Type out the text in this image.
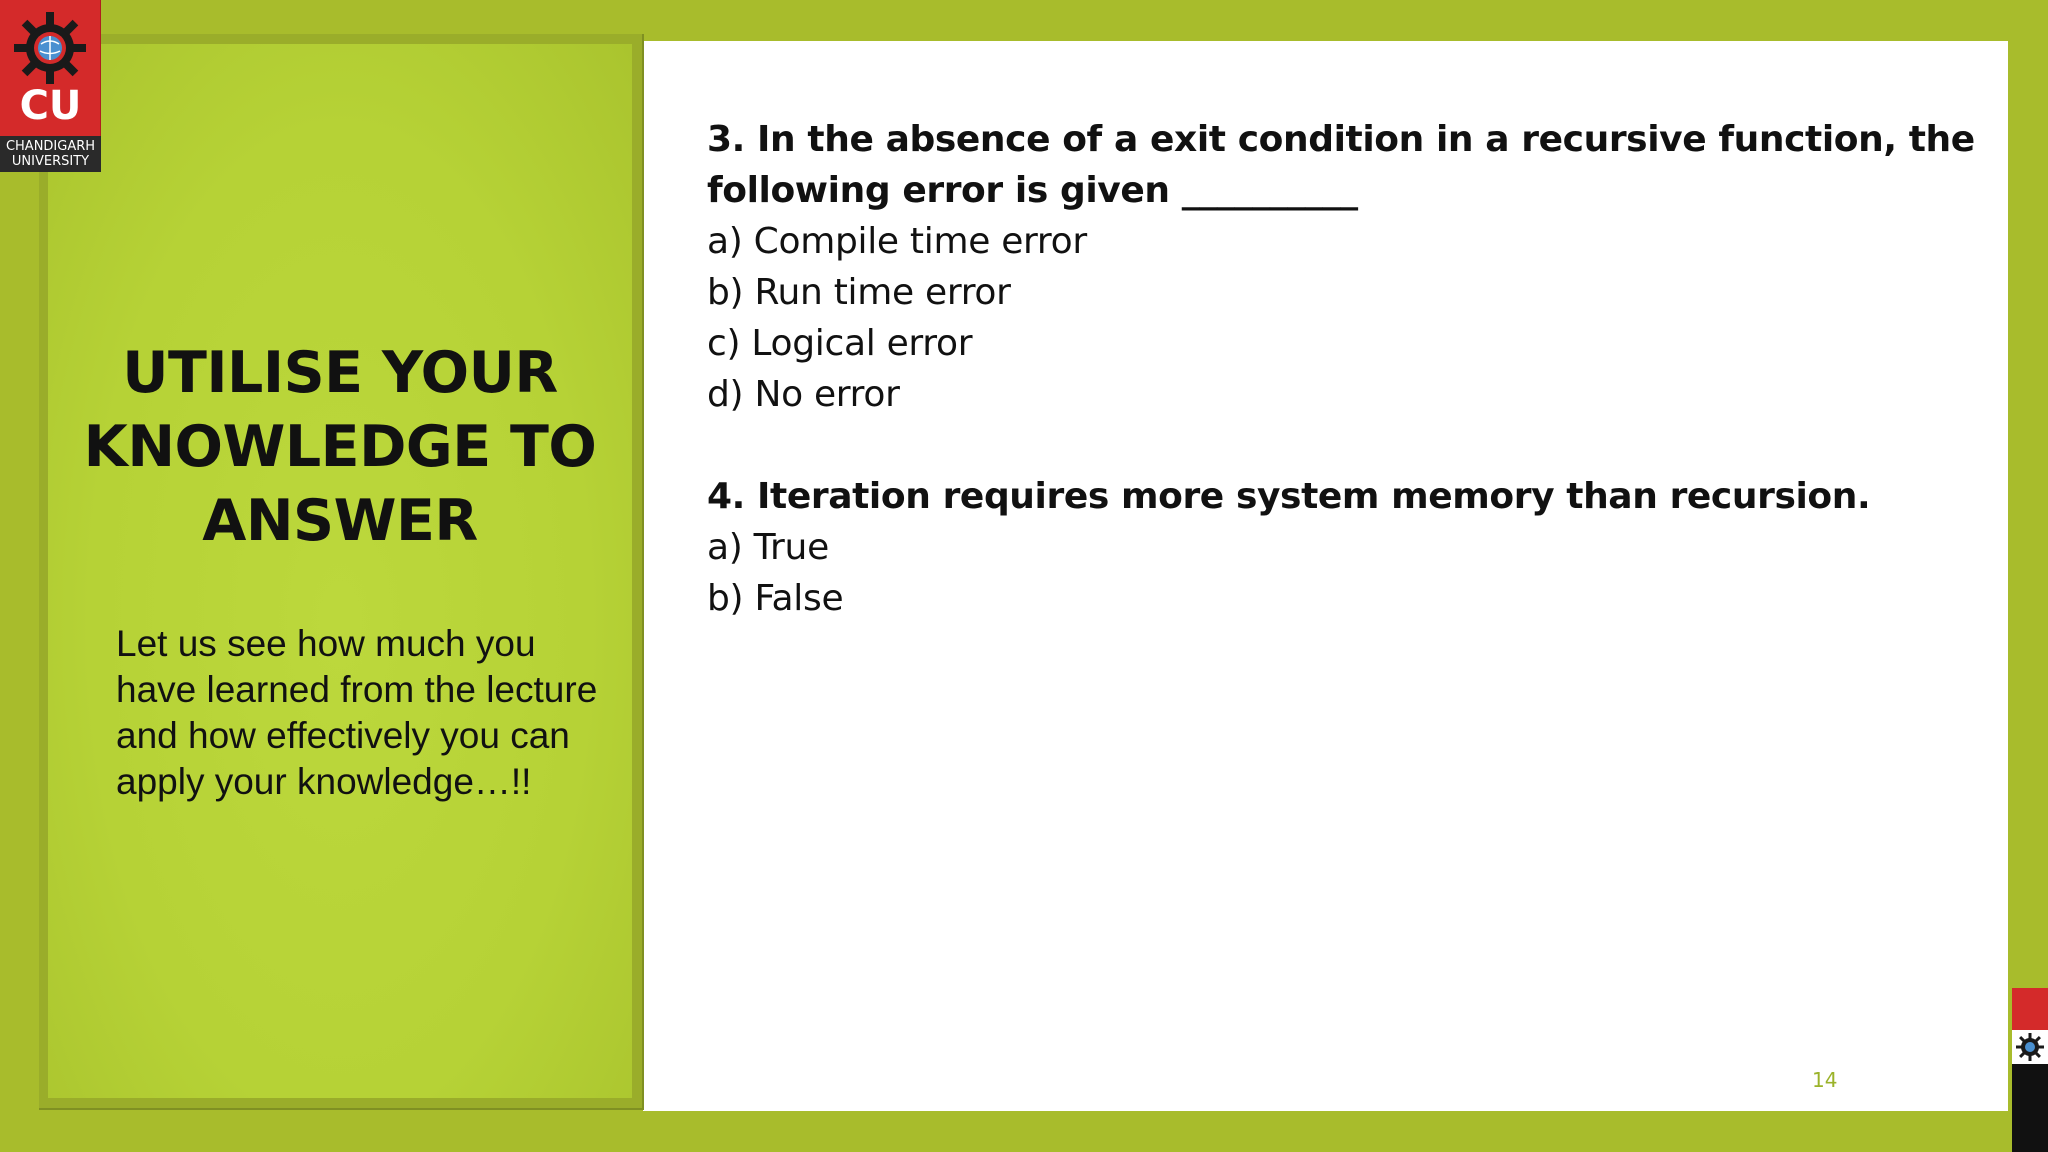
UTILISE YOUR
KNOWLEDGE TO
ANSWER

Let us see how much you
have learned from the lecture
and how effectively you can
apply your knowledge…!!

CU
CHANDIGARH
UNIVERSITY

3. In the absence of a exit condition in a recursive function, the
following error is given __________

a) Compile time error

b) Run time error

c) Logical error

d) No error

4. Iteration requires more system memory than recursion.

a) True

b) False

14
